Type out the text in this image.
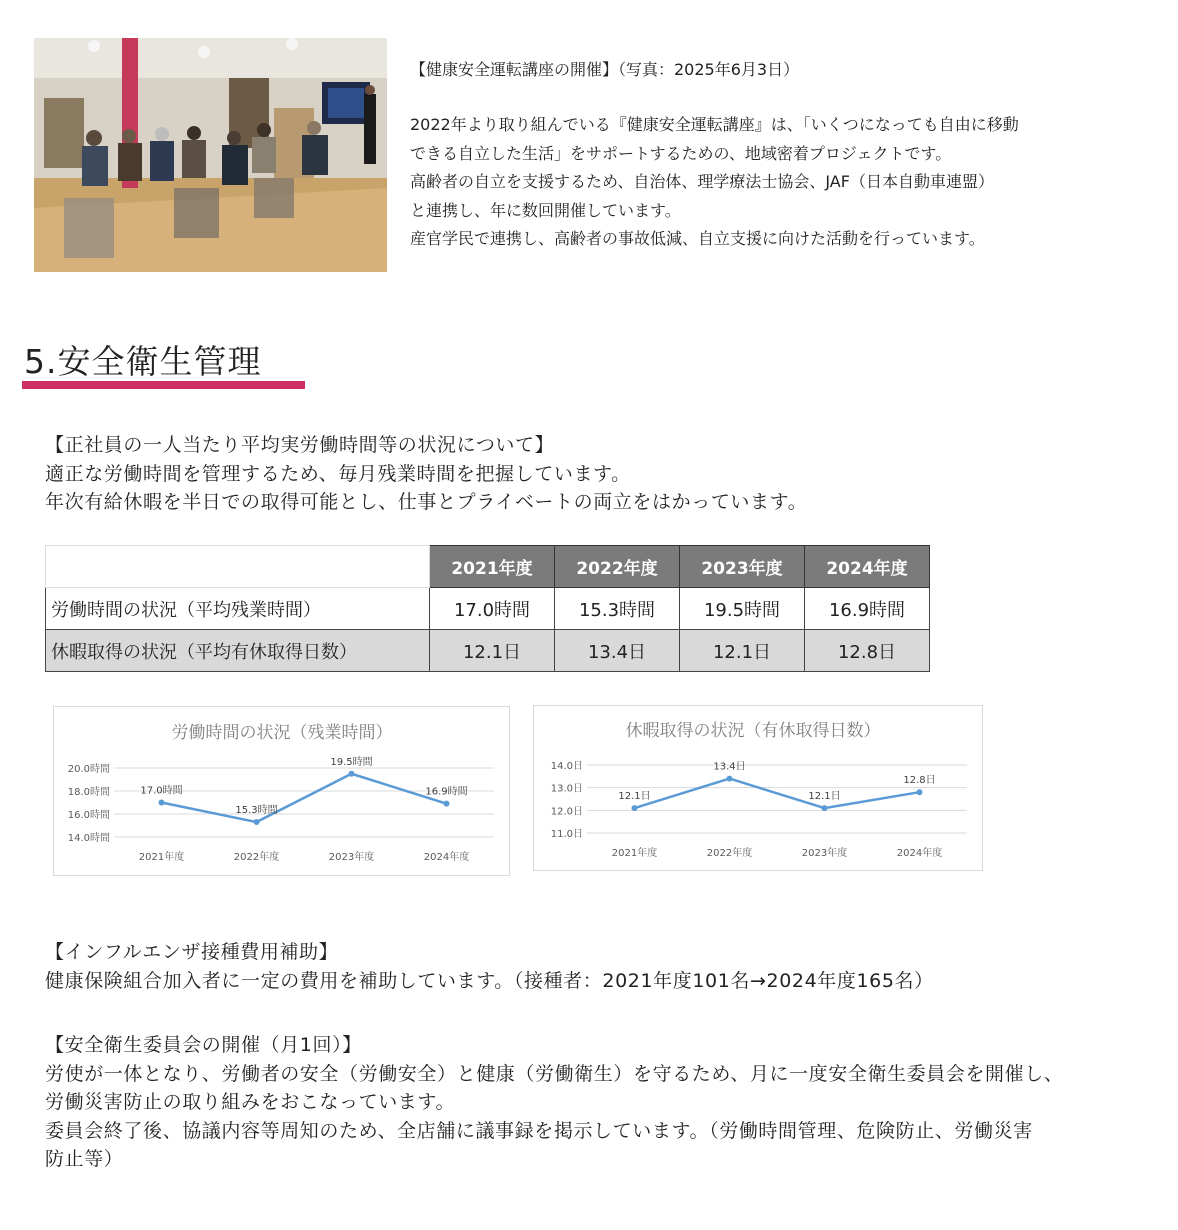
【健康安全運転講座の開催】（写真：2025年6月3日）
2022年より取り組んでいる『健康安全運転講座』は、「いくつになっても自由に移動
できる自立した生活」をサポートするための、地域密着プロジェクトです。
高齢者の自立を支援するため、自治体、理学療法士協会、JAF（日本自動車連盟）
と連携し、年に数回開催しています。
産官学民で連携し、高齢者の事故低減、自立支援に向けた活動を行っています。
5.安全衛生管理
【正社員の一人当たり平均実労働時間等の状況について】
適正な労働時間を管理するため、毎月残業時間を把握しています。
年次有給休暇を半日での取得可能とし、仕事とプライベートの両立をはかっています。
	2021年度	2022年度	2023年度	2024年度
労働時間の状況（平均残業時間）	17.0時間	15.3時間	19.5時間	16.9時間
休暇取得の状況（平均有休取得日数）	12.1日	13.4日	12.1日	12.8日
労働時間の状況（残業時間）
14.0時間
16.0時間
18.0時間
20.0時間
2021年度	2022年度	2023年度	2024年度
17.0時間
15.3時間
19.5時間
16.9時間
休暇取得の状況（有休取得日数）
11.0日
12.0日
13.0日
14.0日
2021年度	2022年度	2023年度	2024年度
12.1日
13.4日
12.1日
12.8日
【インフルエンザ接種費用補助】
健康保険組合加入者に一定の費用を補助しています。（接種者：2021年度101名→2024年度165名）
【安全衛生委員会の開催（月1回）】
労使が一体となり、労働者の安全（労働安全）と健康（労働衛生）を守るため、月に一度安全衛生委員会を開催し、
労働災害防止の取り組みをおこなっています。
委員会終了後、協議内容等周知のため、全店舗に議事録を掲示しています。（労働時間管理、危険防止、労働災害
防止等）
